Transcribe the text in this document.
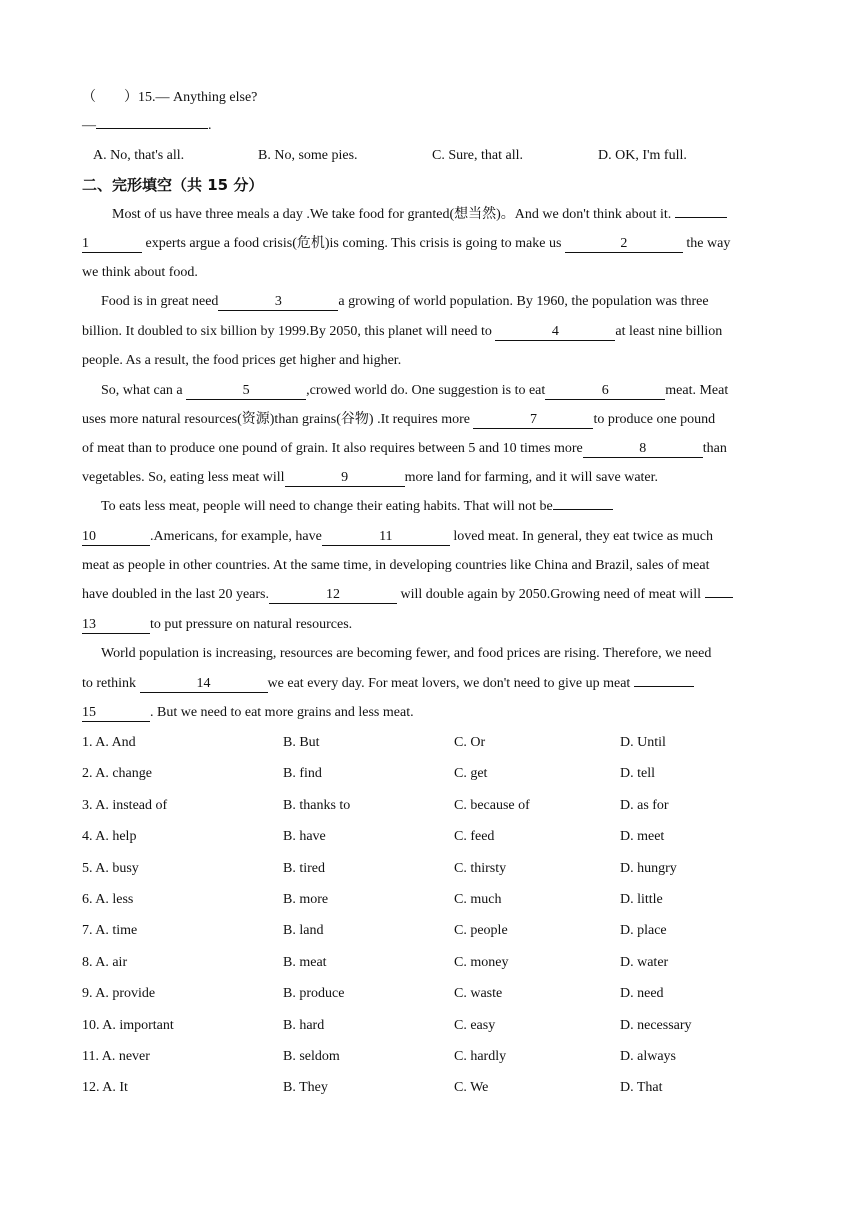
（　　）15.— Anything else?
—	.
A. No, that's all.	B. No, some pies.	C. Sure, that all.	D. OK, I'm full.
二、完形填空（共 15 分）
Most of us have three meals a day .We take food for granted(想当然)。And we don't think about it.
1	experts argue a food crisis(危机)is coming. This crisis is going to make us	2	the way
we think about food.
Food is in great need	3	a growing of world population. By 1960, the population was three
billion. It doubled to six billion by 1999.By 2050, this planet will need to	4	at least nine billion
people. As a result, the food prices get higher and higher.
So, what can a	5	,crowed world do. One suggestion is to eat	6	meat. Meat
uses more natural resources(资源)than grains(谷物) .It requires more	7	to produce one pound
of meat than to produce one pound of grain. It also requires between 5 and 10 times more	8	than
vegetables. So, eating less meat will	9	more land for farming, and it will save water.
To eats less meat, people will need to change their eating habits. That will not be
10	.Americans, for example, have	11	loved meat. In general, they eat twice as much
meat as people in other countries. At the same time, in developing countries like China and Brazil, sales of meat
have doubled in the last 20 years.	12	will double again by 2050.Growing need of meat will
13	to put pressure on natural resources.
World population is increasing, resources are becoming fewer, and food prices are rising. Therefore, we need
to rethink	14	we eat every day. For meat lovers, we don't need to give up meat
15	. But we need to eat more grains and less meat.
1. A. And	B. But	C. Or	D. Until
2. A. change	B. find	C. get	D. tell
3. A. instead of	B. thanks to	C. because of	D. as for
4. A. help	B. have	C. feed	D. meet
5. A. busy	B. tired	C. thirsty	D. hungry
6. A. less	B. more	C. much	D. little
7. A. time	B. land	C. people	D. place
8. A. air	B. meat	C. money	D. water
9. A. provide	B. produce	C. waste	D. need
10. A. important	B. hard	C. easy	D. necessary
11. A. never	B. seldom	C. hardly	D. always
12. A. It	B. They	C. We	D. That
